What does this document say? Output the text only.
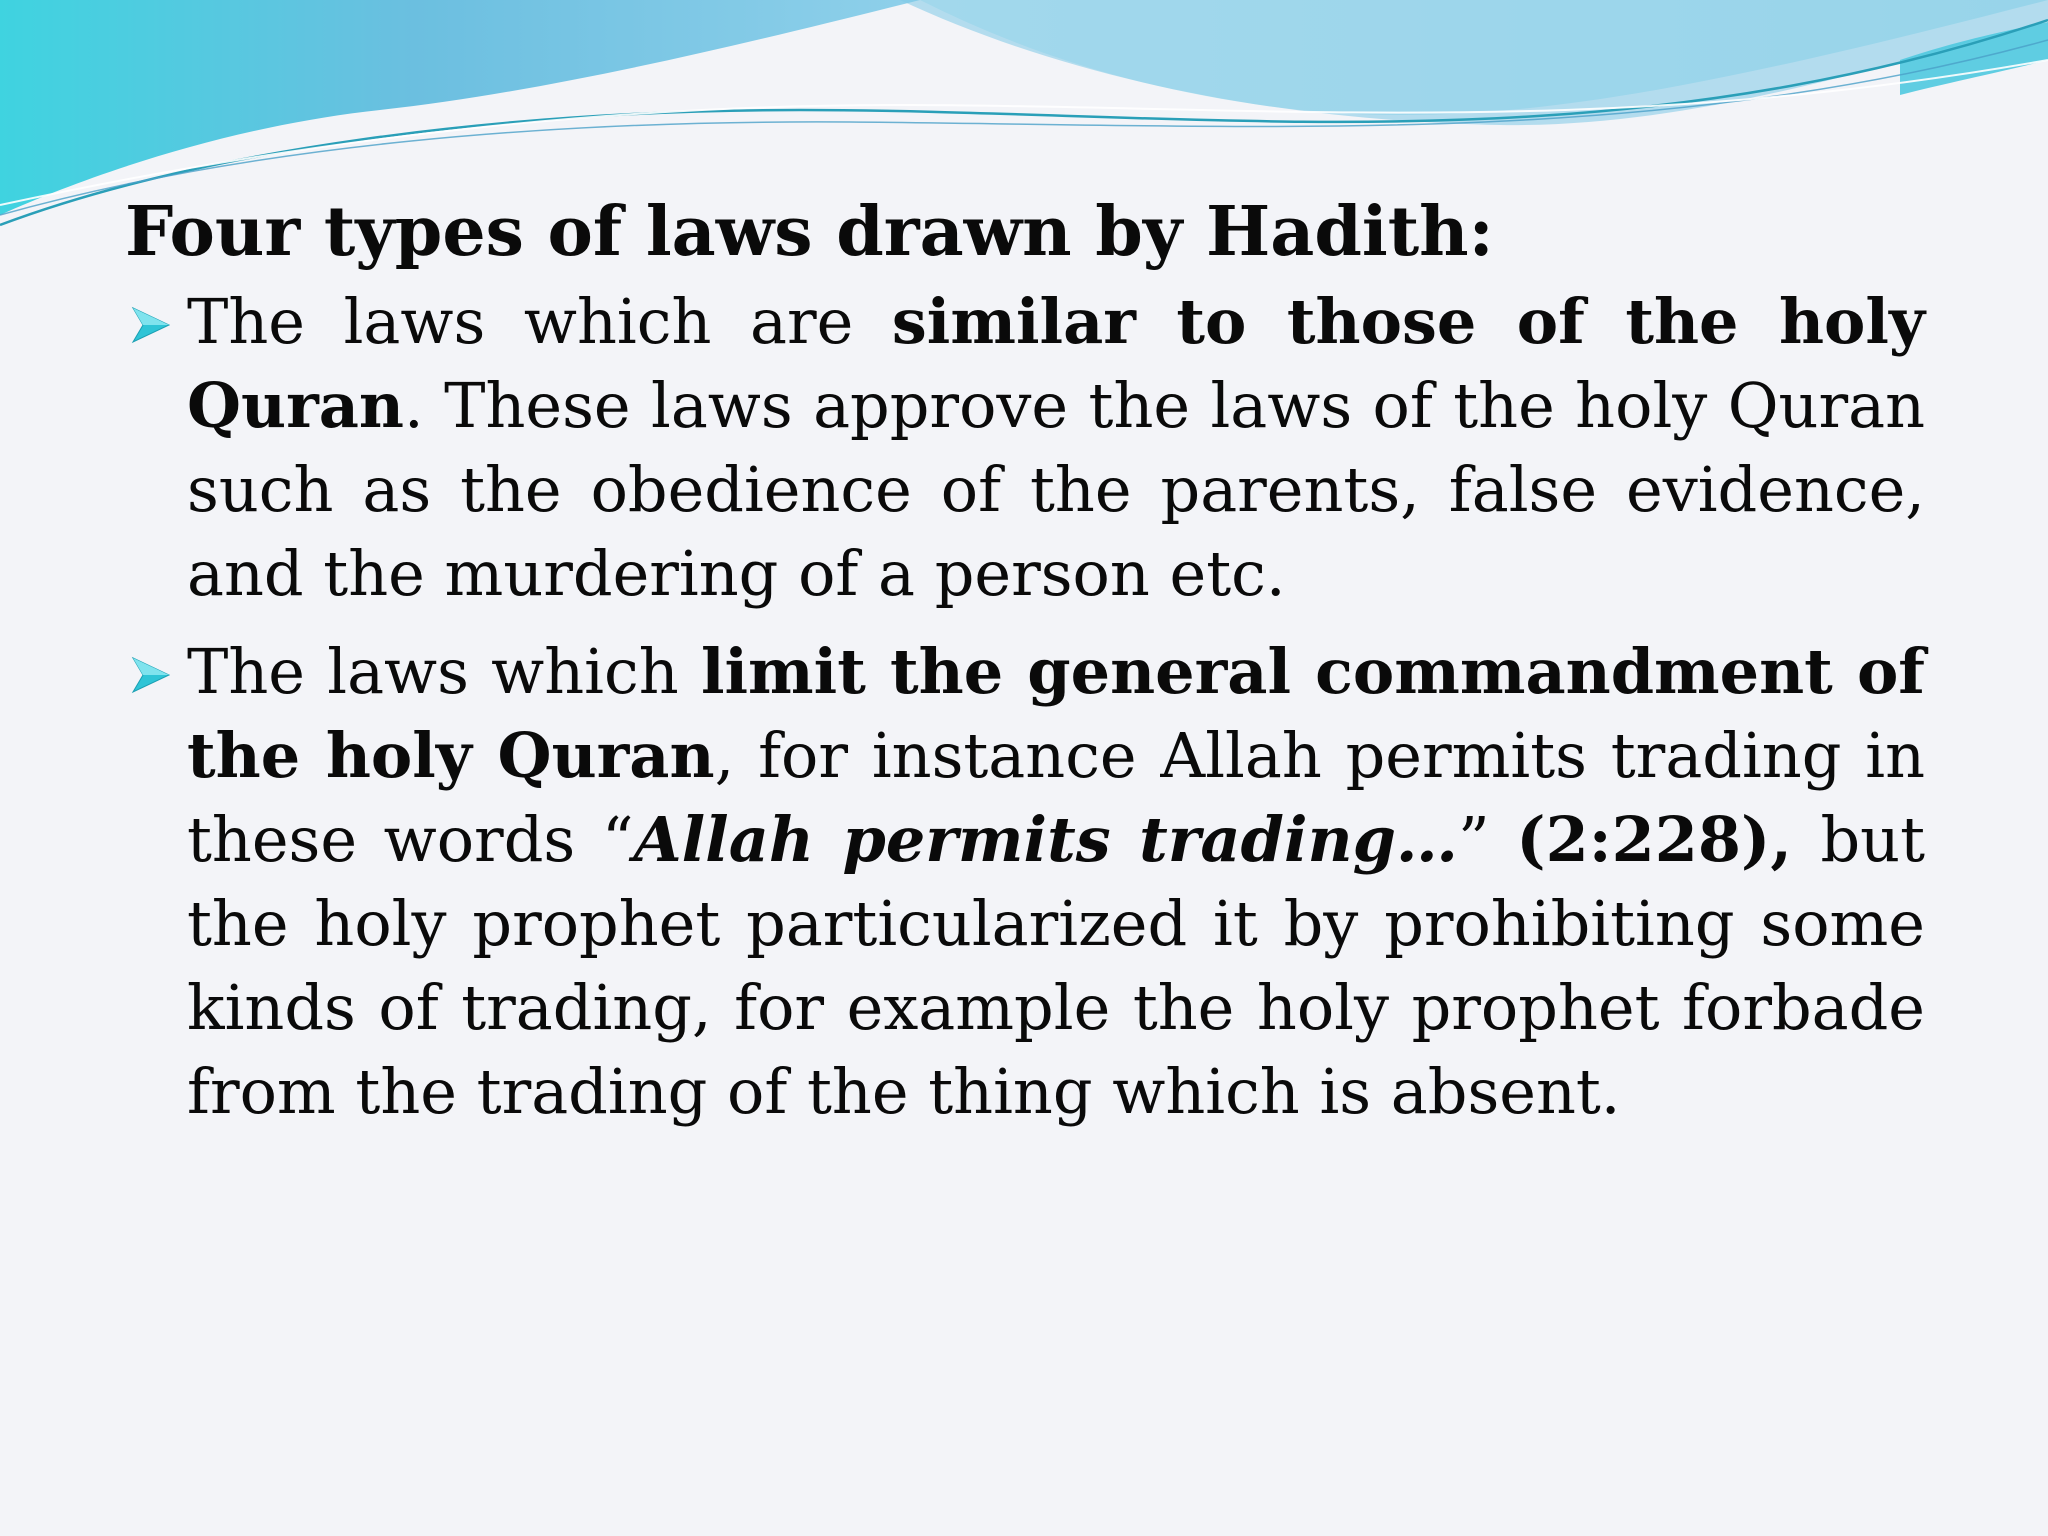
Four types of laws drawn by Hadith:
The laws which are similar to those of the holy Quran. These laws approve the laws of the holy Quran such as the obedience of the parents, false evidence, and the murdering of a person etc.
The laws which limit the general commandment of the holy Quran, for instance Allah permits trading in these words “Allah permits trading…” (2:228), but the holy prophet particularized it by prohibiting some kinds of trading, for example the holy prophet forbade from the trading of the thing which is absent.
